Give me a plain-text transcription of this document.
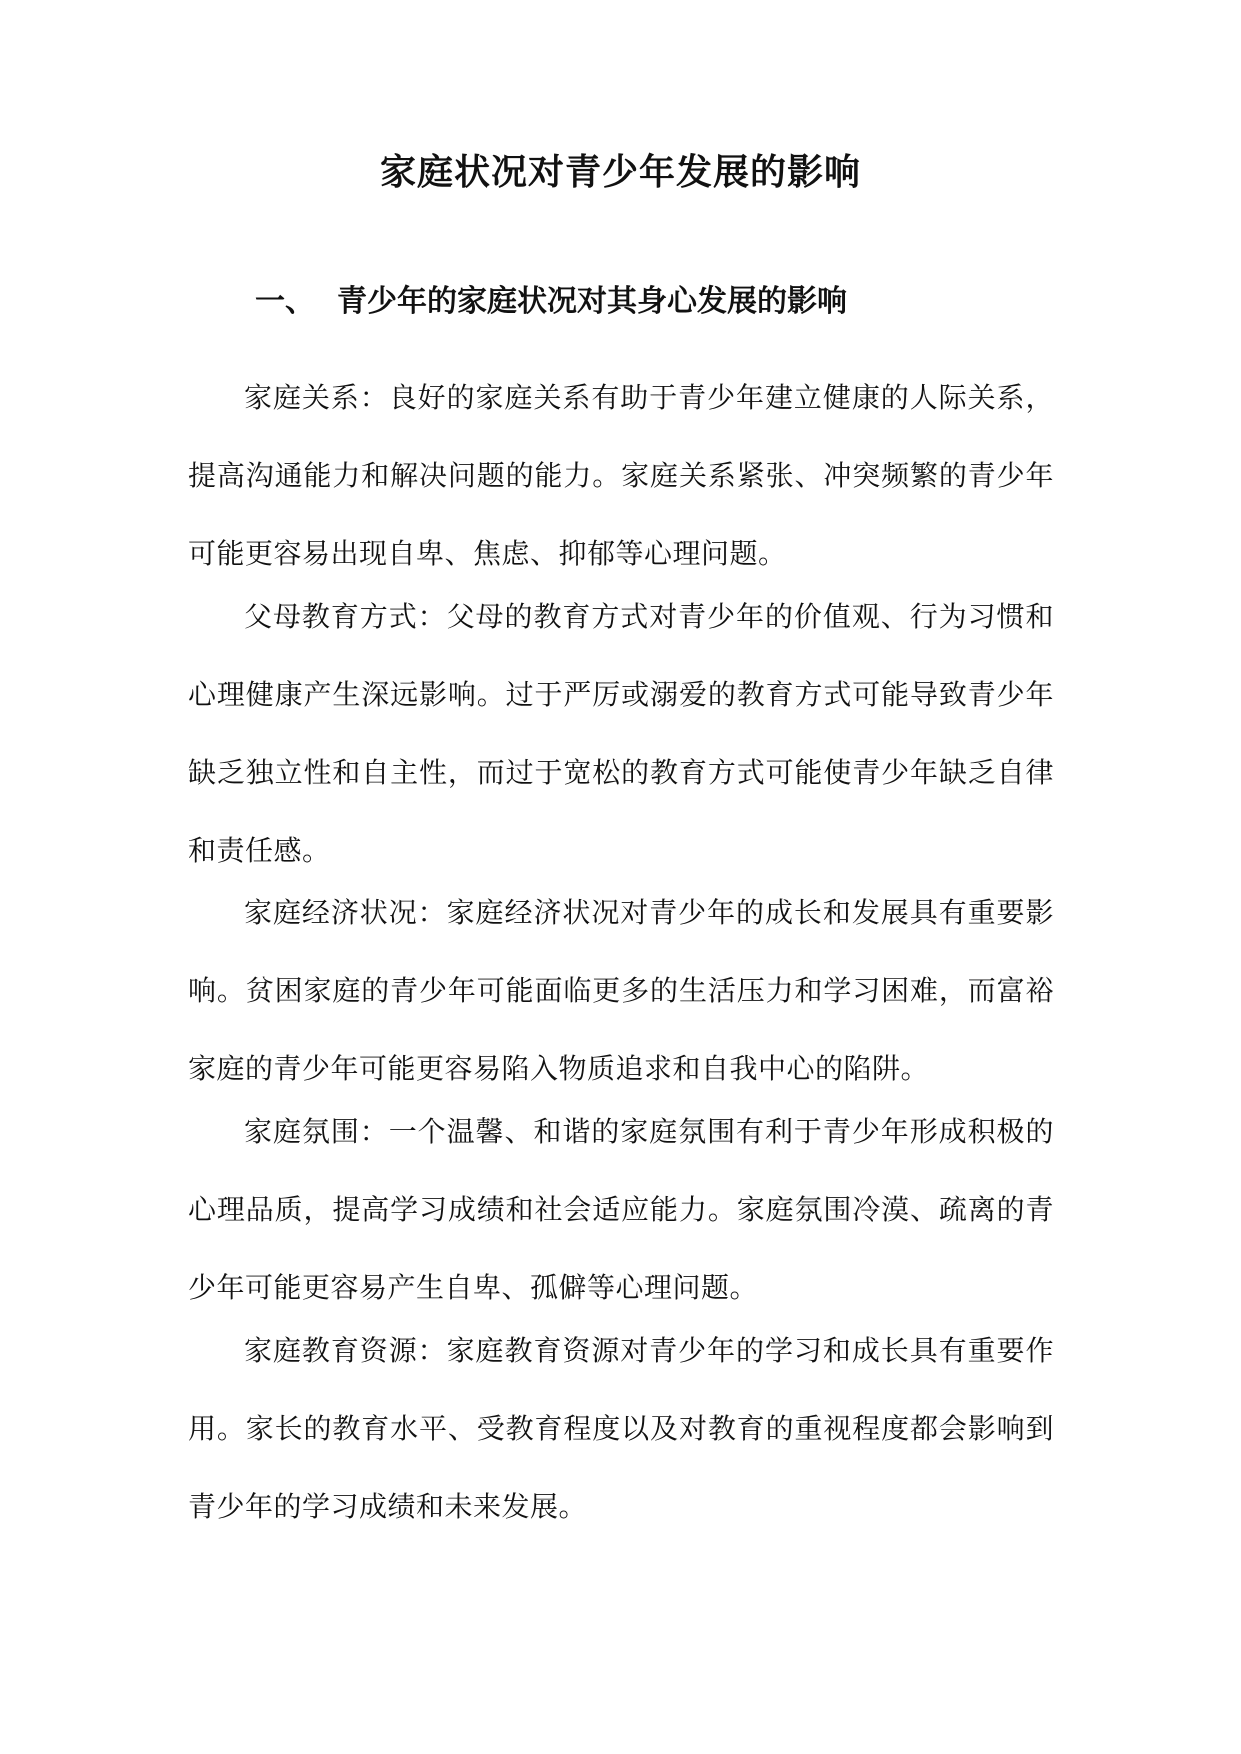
家庭状况对青少年发展的影响
一、 青少年的家庭状况对其身心发展的影响

家庭关系：良好的家庭关系有助于青少年建立健康的人际关系，提高沟通能力和解决问题的能力。家庭关系紧张、冲突频繁的青少年可能更容易出现自卑、焦虑、抑郁等心理问题。

父母教育方式：父母的教育方式对青少年的价值观、行为习惯和心理健康产生深远影响。过于严厉或溺爱的教育方式可能导致青少年缺乏独立性和自主性，而过于宽松的教育方式可能使青少年缺乏自律和责任感。

家庭经济状况：家庭经济状况对青少年的成长和发展具有重要影响。贫困家庭的青少年可能面临更多的生活压力和学习困难，而富裕家庭的青少年可能更容易陷入物质追求和自我中心的陷阱。

家庭氛围：一个温馨、和谐的家庭氛围有利于青少年形成积极的心理品质，提高学习成绩和社会适应能力。家庭氛围冷漠、疏离的青少年可能更容易产生自卑、孤僻等心理问题。

家庭教育资源：家庭教育资源对青少年的学习和成长具有重要作用。家长的教育水平、受教育程度以及对教育的重视程度都会影响到青少年的学习成绩和未来发展。
